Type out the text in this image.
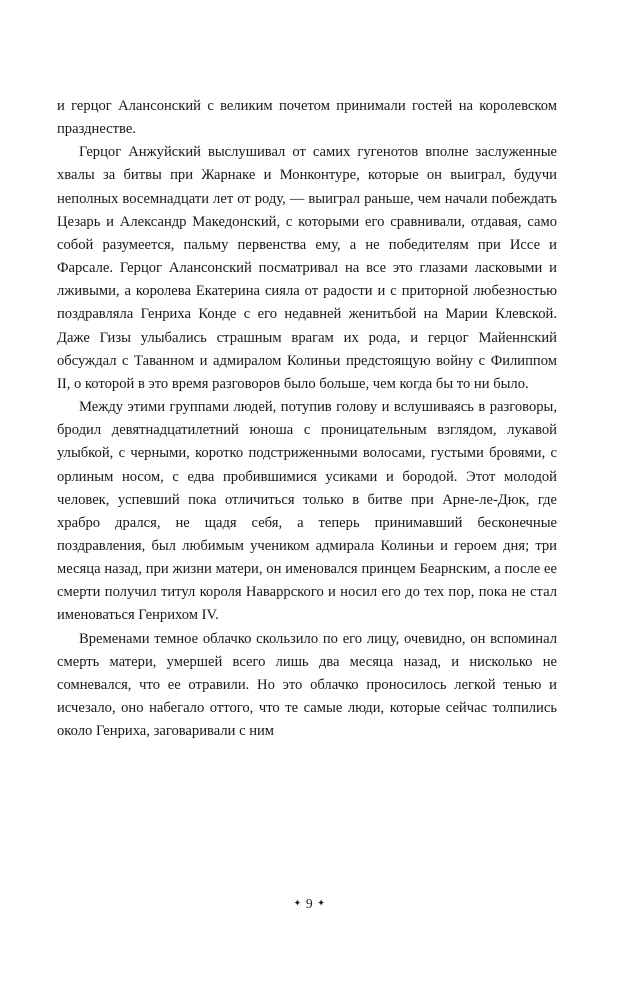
и герцог Алансонский с великим почетом принимали гостей на королевском празднестве.

Герцог Анжуйский выслушивал от самих гугенотов вполне заслуженные хвалы за битвы при Жарнаке и Монконтуре, которые он выиграл, будучи неполных восемнадцати лет от роду, — выиграл раньше, чем начали побеждать Цезарь и Александр Македонский, с которыми его сравнивали, отдавая, само собой разумеется, пальму первенства ему, а не победителям при Иссе и Фарсале. Герцог Алансонский посматривал на все это глазами ласковыми и лживыми, а королева Екатерина сияла от радости и с приторной любезностью поздравляла Генриха Конде с его недавней женитьбой на Марии Клевской. Даже Гизы улыбались страшным врагам их рода, и герцог Майеннский обсуждал с Таванном и адмиралом Колиньи предстоящую войну с Филиппом II, о которой в это время разговоров было больше, чем когда бы то ни было.

Между этими группами людей, потупив голову и вслушиваясь в разговоры, бродил девятнадцатилетний юноша с проницательным взглядом, лукавой улыбкой, с черными, коротко подстриженными волосами, густыми бровями, с орлиным носом, с едва пробившимися усиками и бородой. Этот молодой человек, успевший пока отличиться только в битве при Арне-ле-Дюк, где храбро дрался, не щадя себя, а теперь принимавший бесконечные поздравления, был любимым учеником адмирала Колиньи и героем дня; три месяца назад, при жизни матери, он именовался принцем Беарнским, а после ее смерти получил титул короля Наваррского и носил его до тех пор, пока не стал именоваться Генрихом IV.

Временами темное облачко скользило по его лицу, очевидно, он вспоминал смерть матери, умершей всего лишь два месяца назад, и нисколько не сомневался, что ее отравили. Но это облачко проносилось легкой тенью и исчезало, оно набегало оттого, что те самые люди, которые сейчас толпились около Генриха, заговаривали с ним

✦ 9 ✦
